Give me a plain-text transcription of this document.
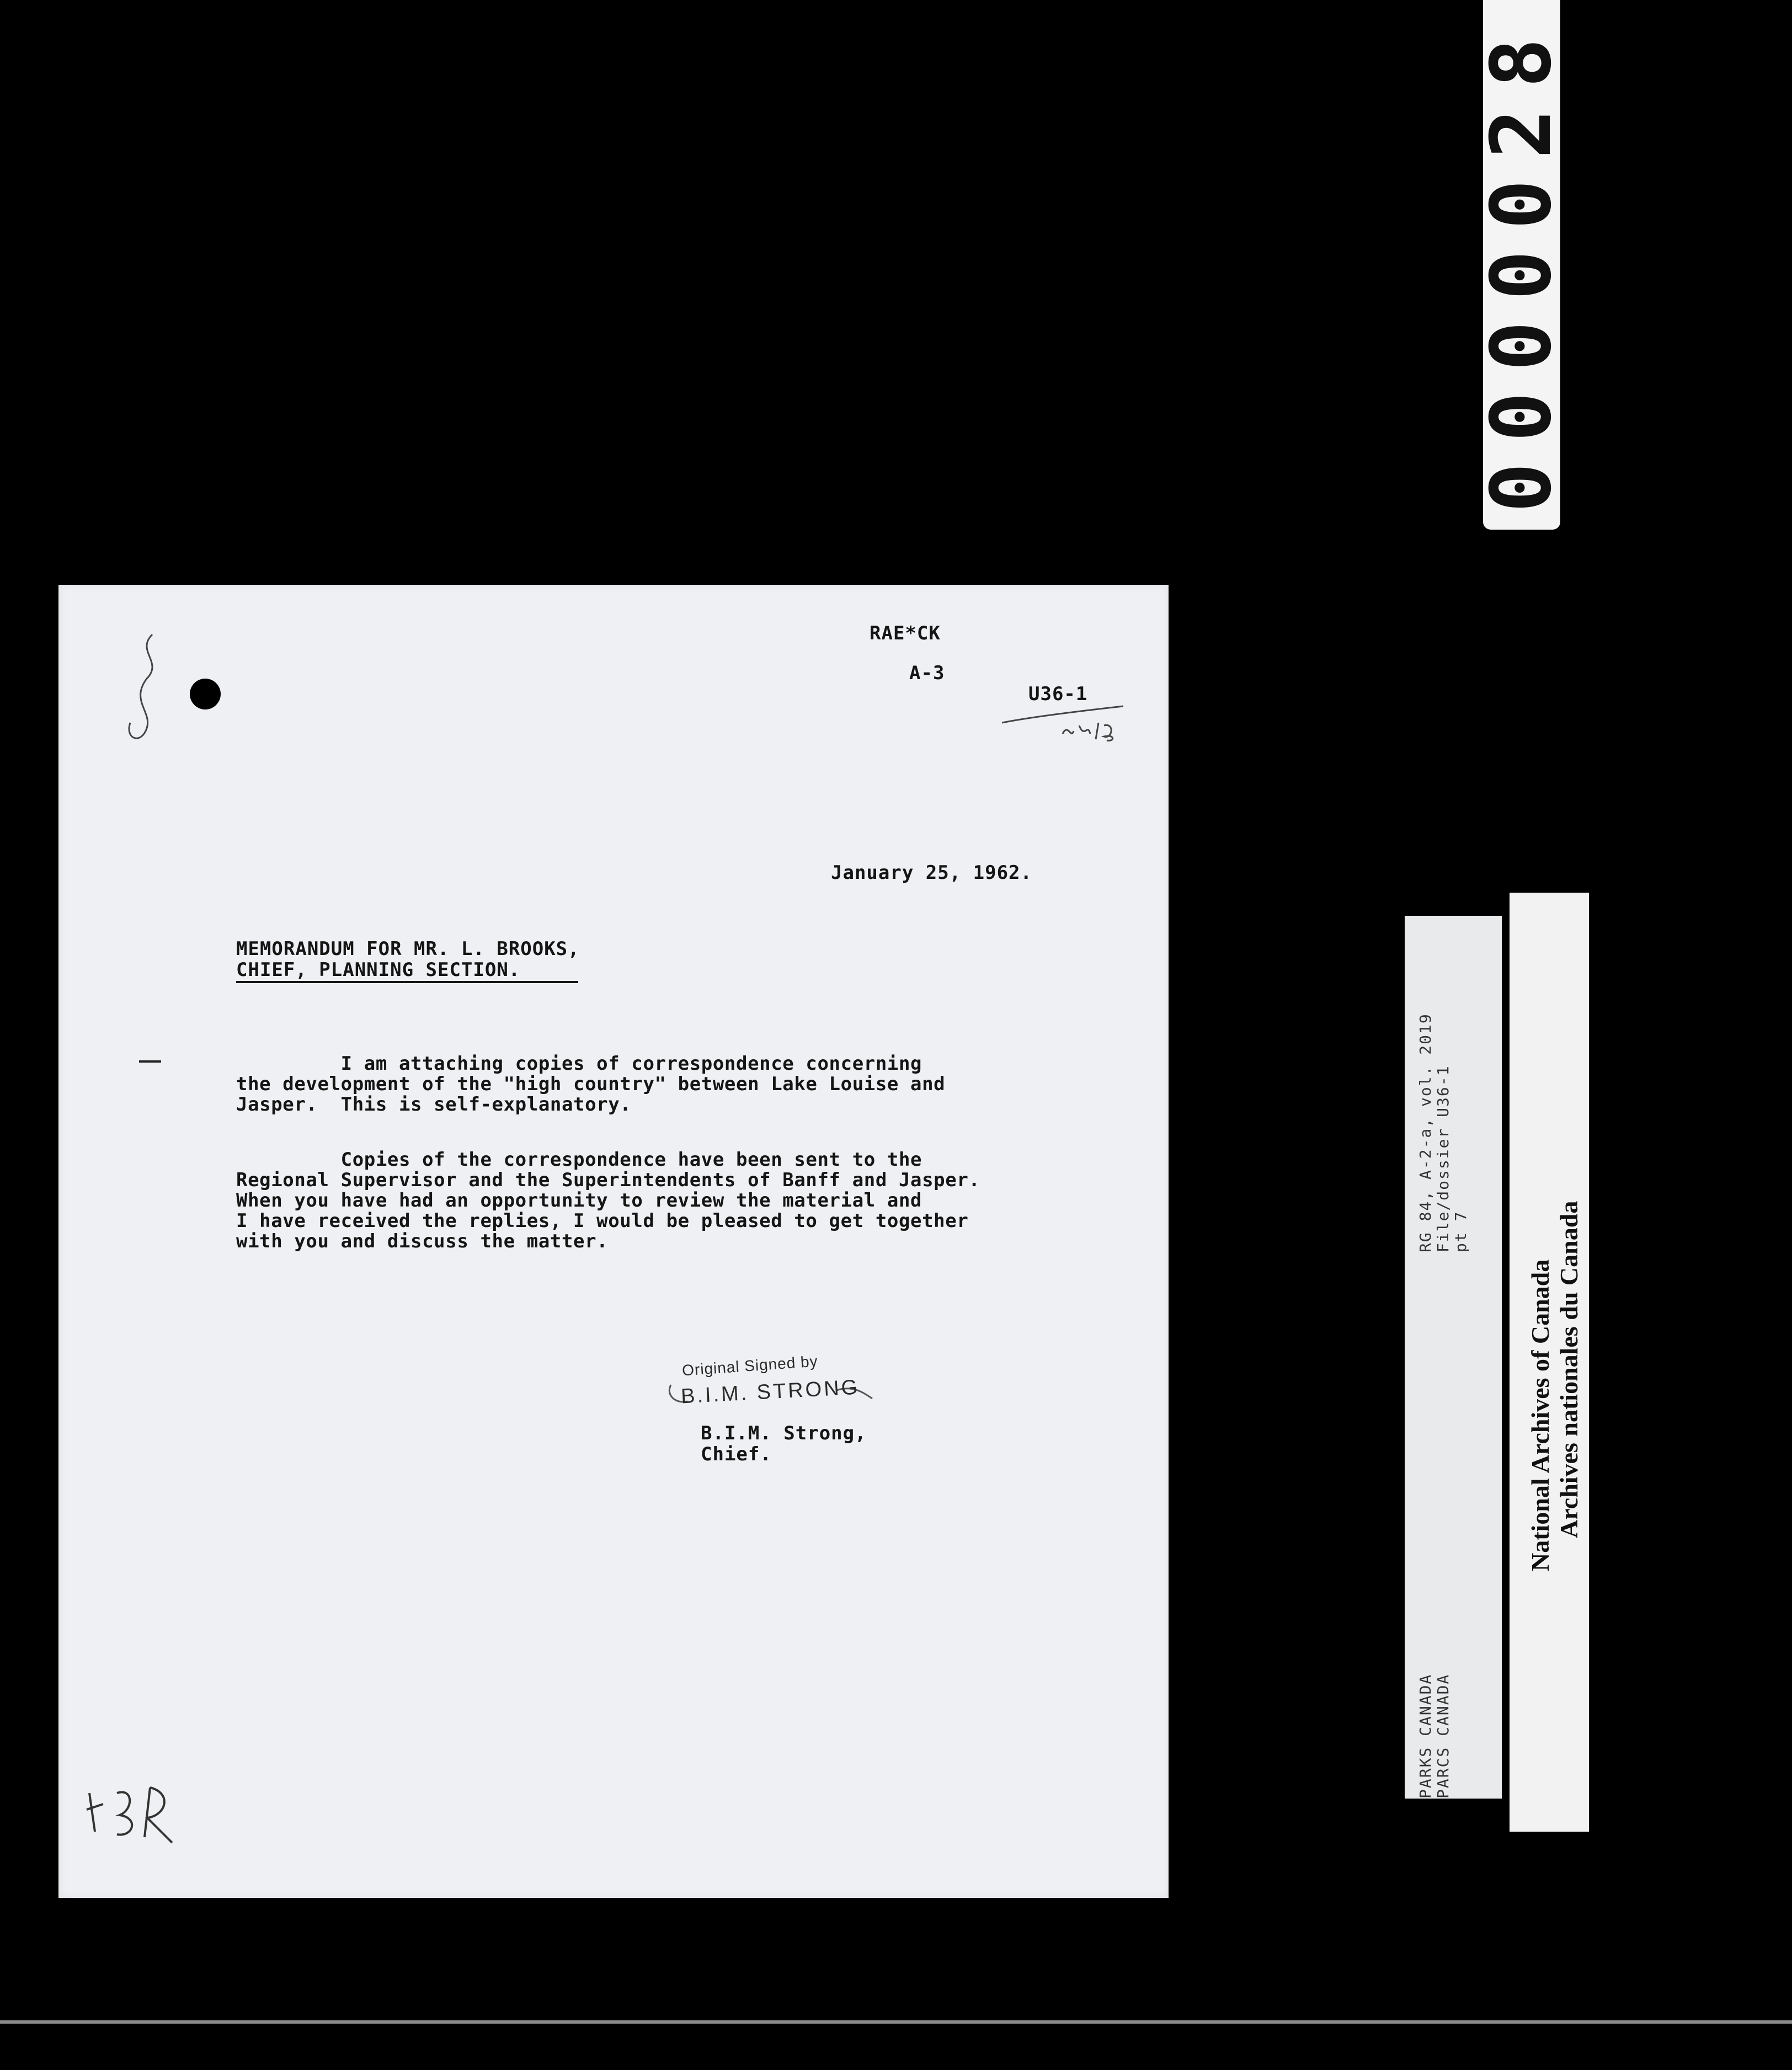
0000028
RAE*CK
A-3
U36-1
January 25, 1962.
MEMORANDUM FOR MR. L. BROOKS,
CHIEF, PLANNING SECTION.
I am attaching copies of correspondence concerning
the development of the "high country" between Lake Louise and
Jasper.  This is self-explanatory.
Copies of the correspondence have been sent to the
Regional Supervisor and the Superintendents of Banff and Jasper.
When you have had an opportunity to review the material and
I have received the replies, I would be pleased to get together
with you and discuss the matter.
Original Signed by
B.I.M. STRONG
B.I.M. Strong,
Chief.
PARKS CANADA PARCS CANADA
RG 84, A-2-a, vol. 2019 File/dossier U36-1 pt 7
National Archives of Canada Archives nationales du Canada
